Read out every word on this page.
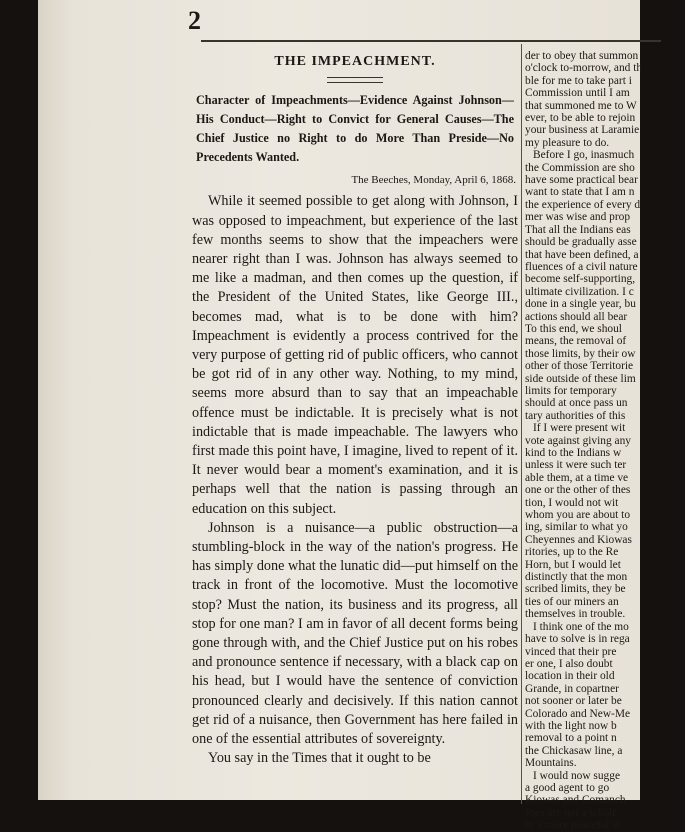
2
THE IMPEACHMENT.
Character of Impeachments—Evidence Against Johnson—His Conduct—Right to Convict for General Causes—The Chief Justice no Right to do More Than Preside—No Precedents Wanted.
The Beeches, Monday, April 6, 1868.

While it seemed possible to get along with Johnson, I was opposed to impeachment, but experience of the last few months seems to show that the impeachers were nearer right than I was. Johnson has always seemed to me like a madman, and then comes up the question, if the President of the United States, like George III., becomes mad, what is to be done with him? Impeachment is evidently a process contrived for the very purpose of getting rid of public officers, who cannot be got rid of in any other way. Nothing, to my mind, seems more absurd than to say that an impeachable offence must be indictable. It is precisely what is not indictable that is made impeachable. The lawyers who first made this point have, I imagine, lived to repent of it. It never would bear a moment's examination, and it is perhaps well that the nation is passing through an education on this subject.

Johnson is a nuisance—a public obstruction—a stumbling-block in the way of the nation's progress. He has simply done what the lunatic did—put himself on the track in front of the locomotive. Must the locomotive stop? Must the nation, its business and its progress, all stop for one man? I am in favor of all decent forms being gone through with, and the Chief Justice put on his robes and pronounce sentence if necessary, with a black cap on his head, but I would have the sentence of conviction pronounced clearly and decisively. If this nation cannot get rid of a nuisance, then Government has here failed in one of the essential attributes of sovereignty.

You say in the Times that it ought to be

der to obey that summon
o'clock to-morrow, and th
ble for me to take part i
Commission until I am
that summoned me to W
ever, to be able to rejoin
your business at Laramie
my pleasure to do.
Before I go, inasmuch
the Commission are sho
have some practical bear
want to state that I am n
the experience of every d
mer was wise and prop
That all the Indians eas
should be gradually asse
that have been defined, a
fluences of a civil nature
become self-supporting,
ultimate civilization. I c
done in a single year, bu
actions should all bear
To this end, we shoul
means, the removal of
those limits, by their ow
other of those Territorie
side outside of these lim
limits for temporary
should at once pass un
tary authorities of this
If I were present wit
vote against giving any
kind to the Indians w
unless it were such ter
able them, at a time ve
one or the other of thes
tion, I would not wit
whom you are about to
ing, similar to what yo
Cheyennes and Kiowas
ritories, up to the Re
Horn, but I would let
distinctly that the mon
scribed limits, they be
ties of our miners an
themselves in trouble.
I think one of the mo
have to solve is in rega
vinced that their pre
er one, I also doubt
location in their old
Grande, in copartner
not sooner or later be
Colorado and New-Me
with the light now b
removal to a point n
the Chickasaw line, a
Mountains.
I would now sugge
a good agent to go
Kiowas and Comanch
Joes are not a whole
in a more peaceful st
